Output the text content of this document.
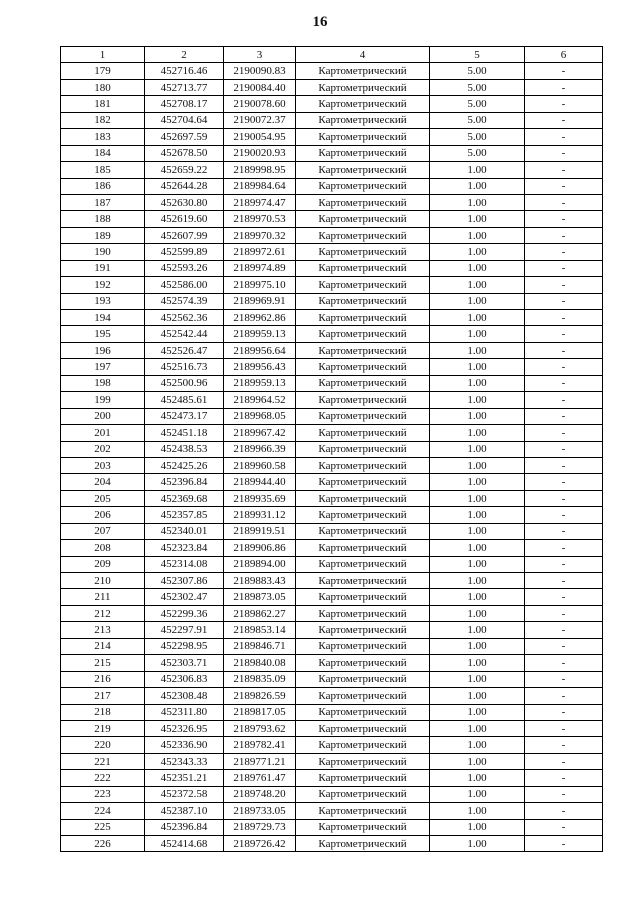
16
1	2	3	4	5	6
179	452716.46	2190090.83	Картометрический	5.00	-
180	452713.77	2190084.40	Картометрический	5.00	-
181	452708.17	2190078.60	Картометрический	5.00	-
182	452704.64	2190072.37	Картометрический	5.00	-
183	452697.59	2190054.95	Картометрический	5.00	-
184	452678.50	2190020.93	Картометрический	5.00	-
185	452659.22	2189998.95	Картометрический	1.00	-
186	452644.28	2189984.64	Картометрический	1.00	-
187	452630.80	2189974.47	Картометрический	1.00	-
188	452619.60	2189970.53	Картометрический	1.00	-
189	452607.99	2189970.32	Картометрический	1.00	-
190	452599.89	2189972.61	Картометрический	1.00	-
191	452593.26	2189974.89	Картометрический	1.00	-
192	452586.00	2189975.10	Картометрический	1.00	-
193	452574.39	2189969.91	Картометрический	1.00	-
194	452562.36	2189962.86	Картометрический	1.00	-
195	452542.44	2189959.13	Картометрический	1.00	-
196	452526.47	2189956.64	Картометрический	1.00	-
197	452516.73	2189956.43	Картометрический	1.00	-
198	452500.96	2189959.13	Картометрический	1.00	-
199	452485.61	2189964.52	Картометрический	1.00	-
200	452473.17	2189968.05	Картометрический	1.00	-
201	452451.18	2189967.42	Картометрический	1.00	-
202	452438.53	2189966.39	Картометрический	1.00	-
203	452425.26	2189960.58	Картометрический	1.00	-
204	452396.84	2189944.40	Картометрический	1.00	-
205	452369.68	2189935.69	Картометрический	1.00	-
206	452357.85	2189931.12	Картометрический	1.00	-
207	452340.01	2189919.51	Картометрический	1.00	-
208	452323.84	2189906.86	Картометрический	1.00	-
209	452314.08	2189894.00	Картометрический	1.00	-
210	452307.86	2189883.43	Картометрический	1.00	-
211	452302.47	2189873.05	Картометрический	1.00	-
212	452299.36	2189862.27	Картометрический	1.00	-
213	452297.91	2189853.14	Картометрический	1.00	-
214	452298.95	2189846.71	Картометрический	1.00	-
215	452303.71	2189840.08	Картометрический	1.00	-
216	452306.83	2189835.09	Картометрический	1.00	-
217	452308.48	2189826.59	Картометрический	1.00	-
218	452311.80	2189817.05	Картометрический	1.00	-
219	452326.95	2189793.62	Картометрический	1.00	-
220	452336.90	2189782.41	Картометрический	1.00	-
221	452343.33	2189771.21	Картометрический	1.00	-
222	452351.21	2189761.47	Картометрический	1.00	-
223	452372.58	2189748.20	Картометрический	1.00	-
224	452387.10	2189733.05	Картометрический	1.00	-
225	452396.84	2189729.73	Картометрический	1.00	-
226	452414.68	2189726.42	Картометрический	1.00	-
